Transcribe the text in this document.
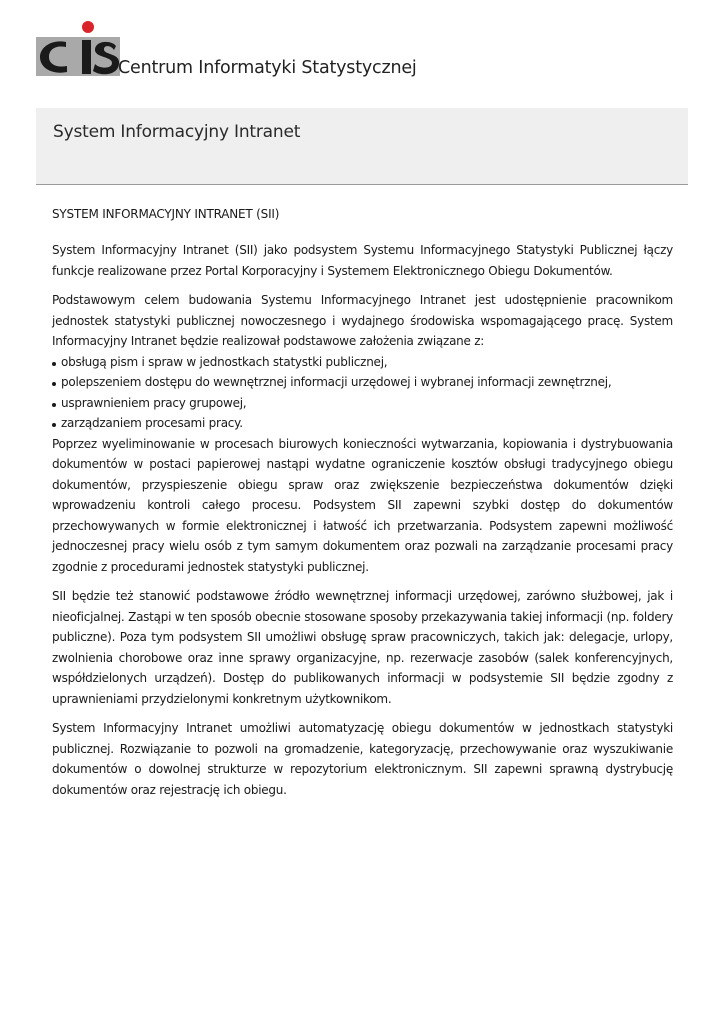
Centrum Informatyki Statystycznej
System Informacyjny Intranet
SYSTEM INFORMACYJNY INTRANET (SII)

System Informacyjny Intranet (SII) jako podsystem Systemu Informacyjnego Statystyki Publicznej łączy funkcje realizowane przez Portal Korporacyjny i Systemem Elektronicznego Obiegu Dokumentów.

Podstawowym celem budowania Systemu Informacyjnego Intranet jest udostępnienie pracownikom jednostek statystyki publicznej nowoczesnego i wydajnego środowiska wspomagającego pracę. System Informacyjny Intranet będzie realizował podstawowe założenia związane z:

obsługą pism i spraw w jednostkach statystki publicznej,
polepszeniem dostępu do wewnętrznej informacji urzędowej i wybranej informacji zewnętrznej,
usprawnieniem pracy grupowej,
zarządzaniem procesami pracy.

Poprzez wyeliminowanie w procesach biurowych konieczności wytwarzania, kopiowania i dystrybuowania dokumentów w postaci papierowej nastąpi wydatne ograniczenie kosztów obsługi tradycyjnego obiegu dokumentów, przyspieszenie obiegu spraw oraz zwiększenie bezpieczeństwa dokumentów dzięki wprowadzeniu kontroli całego procesu. Podsystem SII zapewni szybki dostęp do dokumentów przechowywanych w formie elektronicznej i łatwość ich przetwarzania. Podsystem zapewni możliwość jednoczesnej pracy wielu osób z tym samym dokumentem oraz pozwali na zarządzanie procesami pracy zgodnie z procedurami jednostek statystyki publicznej.

SII będzie też stanowić podstawowe źródło wewnętrznej informacji urzędowej, zarówno służbowej, jak i nieoficjalnej. Zastąpi w ten sposób obecnie stosowane sposoby przekazywania takiej informacji (np. foldery publiczne). Poza tym podsystem SII umożliwi obsługę spraw pracowniczych, takich jak: delegacje, urlopy, zwolnienia chorobowe oraz inne sprawy organizacyjne, np. rezerwacje zasobów (salek konferencyjnych, współdzielonych urządzeń). Dostęp do publikowanych informacji w podsystemie SII będzie zgodny z uprawnieniami przydzielonymi konkretnym użytkownikom.

System Informacyjny Intranet umożliwi automatyzację obiegu dokumentów w jednostkach statystyki publicznej. Rozwiązanie to pozwoli na gromadzenie, kategoryzację, przechowywanie oraz wyszukiwanie dokumentów o dowolnej strukturze w repozytorium elektronicznym. SII zapewni sprawną dystrybucję dokumentów oraz rejestrację ich obiegu.
